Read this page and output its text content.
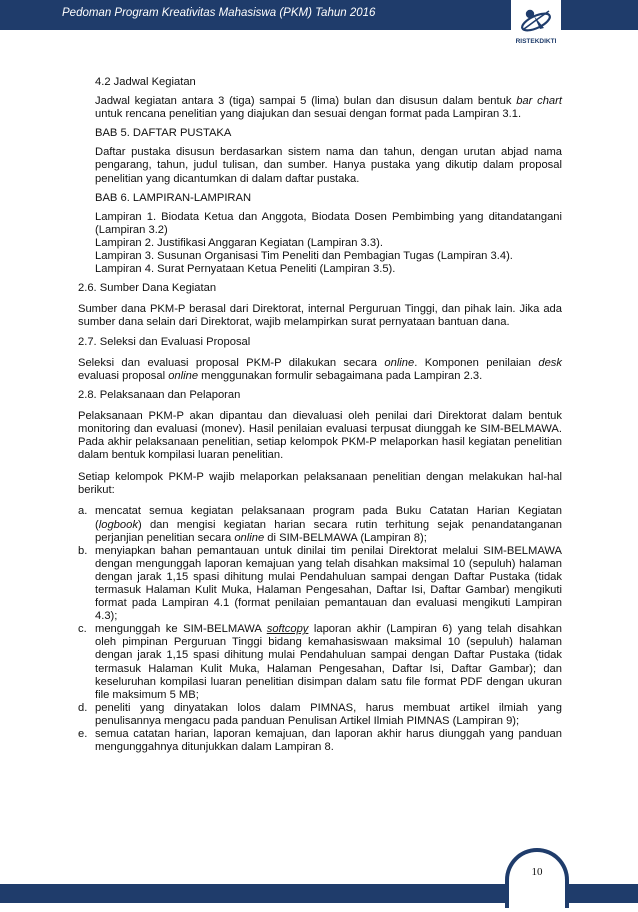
Pedoman Program Kreativitas Mahasiswa (PKM) Tahun 2016
RISTEKDIKTI

4.2 Jadwal Kegiatan

Jadwal kegiatan antara 3 (tiga) sampai 5 (lima) bulan dan disusun dalam bentuk bar chart untuk rencana penelitian yang diajukan dan sesuai dengan format pada Lampiran 3.1.

BAB 5. DAFTAR PUSTAKA

Daftar pustaka disusun berdasarkan sistem nama dan tahun, dengan urutan abjad nama pengarang, tahun, judul tulisan, dan sumber. Hanya pustaka yang dikutip dalam proposal penelitian yang dicantumkan di dalam daftar pustaka.

BAB 6. LAMPIRAN-LAMPIRAN

Lampiran 1. Biodata Ketua dan Anggota, Biodata Dosen Pembimbing yang ditandatangani (Lampiran 3.2)

Lampiran 2. Justifikasi Anggaran Kegiatan (Lampiran 3.3).

Lampiran 3. Susunan Organisasi Tim Peneliti dan Pembagian Tugas (Lampiran 3.4).

Lampiran 4. Surat Pernyataan Ketua Peneliti (Lampiran 3.5).

2.6. Sumber Dana Kegiatan

Sumber dana PKM-P berasal dari Direktorat, internal Perguruan Tinggi, dan pihak lain. Jika ada sumber dana selain dari Direktorat, wajib melampirkan surat pernyataan bantuan dana.

2.7. Seleksi dan Evaluasi Proposal

Seleksi dan evaluasi proposal PKM-P dilakukan secara online. Komponen penilaian desk evaluasi proposal online menggunakan formulir sebagaimana pada Lampiran 2.3.

2.8. Pelaksanaan dan Pelaporan

Pelaksanaan PKM-P akan dipantau dan dievaluasi oleh penilai dari Direktorat dalam bentuk monitoring dan evaluasi (monev). Hasil penilaian evaluasi terpusat diunggah ke SIM-BELMAWA. Pada akhir pelaksanaan penelitian, setiap kelompok PKM-P melaporkan hasil kegiatan penelitian dalam bentuk kompilasi luaran penelitian.

Setiap kelompok PKM-P wajib melaporkan pelaksanaan penelitian dengan melakukan hal-hal berikut:

a. mencatat semua kegiatan pelaksanaan program pada Buku Catatan Harian Kegiatan (logbook) dan mengisi kegiatan harian secara rutin terhitung sejak penandatanganan perjanjian penelitian secara online di SIM-BELMAWA (Lampiran 8);
b. menyiapkan bahan pemantauan untuk dinilai tim penilai Direktorat melalui SIM-BELMAWA dengan mengunggah laporan kemajuan yang telah disahkan maksimal 10 (sepuluh) halaman dengan jarak 1,15 spasi dihitung mulai Pendahuluan sampai dengan Daftar Pustaka (tidak termasuk Halaman Kulit Muka, Halaman Pengesahan, Daftar Isi, Daftar Gambar) mengikuti format pada Lampiran 4.1 (format penilaian pemantauan dan evaluasi mengikuti Lampiran 4.3);
c. mengunggah ke SIM-BELMAWA softcopy laporan akhir (Lampiran 6) yang telah disahkan oleh pimpinan Perguruan Tinggi bidang kemahasiswaan maksimal 10 (sepuluh) halaman dengan jarak 1,15 spasi dihitung mulai Pendahuluan sampai dengan Daftar Pustaka (tidak termasuk Halaman Kulit Muka, Halaman Pengesahan, Daftar Isi, Daftar Gambar); dan keseluruhan kompilasi luaran penelitian disimpan dalam satu file format PDF dengan ukuran file maksimum 5 MB;
d. peneliti yang dinyatakan lolos dalam PIMNAS, harus membuat artikel ilmiah yang penulisannya mengacu pada panduan Penulisan Artikel Ilmiah PIMNAS (Lampiran 9);
e. semua catatan harian, laporan kemajuan, dan laporan akhir harus diunggah yang panduan mengunggahnya ditunjukkan dalam Lampiran 8.
10
